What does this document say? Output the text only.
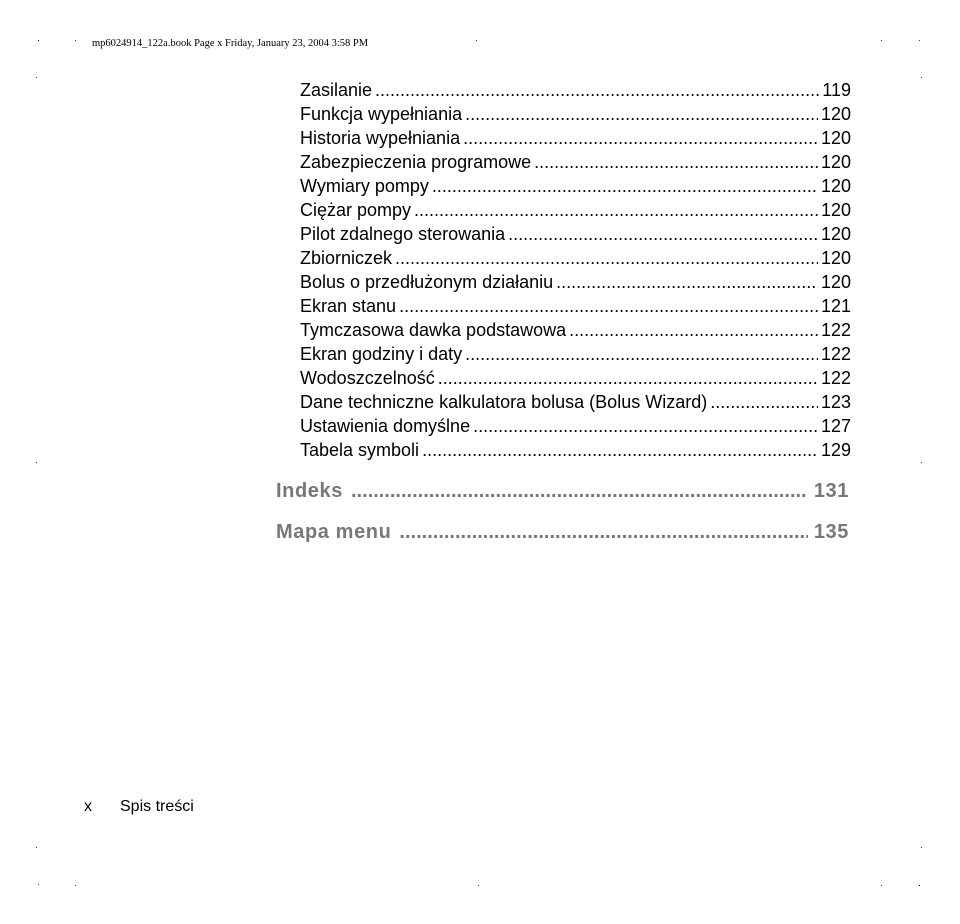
mp6024914_122a.book Page x Friday, January 23, 2004 3:58 PM
Zasilanie .....	119
Funkcja wypełniania .....	120
Historia wypełniania .....	120
Zabezpieczenia programowe .....	120
Wymiary pompy .....	120
Ciężar pompy .....	120
Pilot zdalnego sterowania .....	120
Zbiorniczek .....	120
Bolus o przedłużonym działaniu .....	120
Ekran stanu .....	121
Tymczasowa dawka podstawowa .....	122
Ekran godziny i daty .....	122
Wodoszczelność .....	122
Dane techniczne kalkulatora bolusa (Bolus Wizard) .....	123
Ustawienia domyślne .....	127
Tabela symboli .....	129
Indeks .....	131
Mapa menu .....	135
x Spis treści
